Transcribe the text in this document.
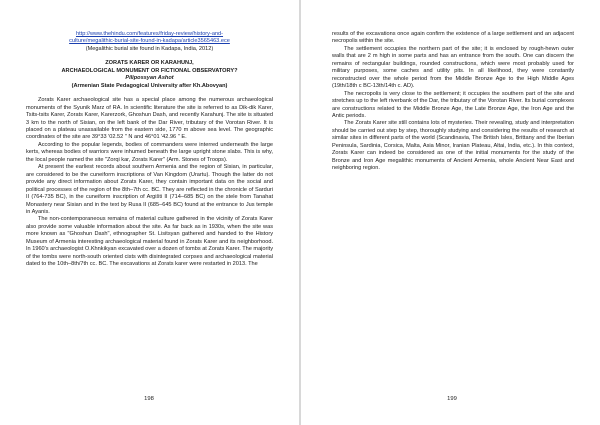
http://www.thehindu.com/features/friday-review/history-and-
culture/megalithic-burial-site-found-in-kadapa/article3565463.ece
(Megalithic burial site found in Kadapa, India, 2012)
ZORATS KARER OR KARAHUNJ,
ARCHAEOLOGICAL MONUMENT OR FICTIONAL OBSERVATORY?
Pilipossyan Ashot
(Armenian State Pedagogical University after Kh.Abovyan)

Zorats Karer archaeological site has a special place among the numerous archaeological monuments of the Syunik Marz of RA. In scientific literature the site is referred to as Dik-dik Karer, Tsits-tsits Karer, Zorats Karer, Karerzork, Ghoshun Dash, and recently Karahunj. The site is situated 3 km to the north of Sisian, on the left bank of the Dar River, tributary of the Vorotan River. It is placed on a plateau unassailable from the eastern side, 1770 m above sea level. The geographic coordinates of the site are 39°33 ′02.52 ′′ N and 46°01 ′42.96 ′′ E.

According to the popular legends, bodies of commanders were interred underneath the large kerts, whereas bodies of warriors were inhumed beneath the large upright stone slabs. This is why, the local people named the site "Zorqi kar, Zorats Karer" (Arm. Stones of Troops).

At present the earliest records about southern Armenia and the region of Sisian, in particular, are considered to be the cuneiform inscriptions of Van Kingdom (Urartu). Though the latter do not provide any direct information about Zorats Karer, they contain important data on the social and political processes of the region of the 8th–7th cc. BC. They are reflected in the chronicle of Sarduri II (764-735 BC), in the cuneiform inscription of Argišti II (714–685 BC) on the stele from Tanahat Monastery near Sisian and in the text by Rusa II (685–645 BC) found at the entrance to Jus temple in Ayanis.

The non-contemporaneous remains of material culture gathered in the vicinity of Zorats Karer also provide some valuable information about the site. As far back as in 1930s, when the site was more known as "Ghoshun Dash", ethnographer St. Lisitsyan gathered and handed to the History Museum of Armenia interesting archaeological material found in Zorats Karer and its neighborhood. In 1960's archaeologist O.Khnkikyan excavated over a dozen of tombs at Zorats Karer. The majority of the tombs were north-south oriented cists with disintegrated corpses and archaeological material dated to the 10th–8th/7th cc. BC. The excavations at Zorats karer were restarted in 2013. The

198

results of the excavations once again confirm the existence of a large settlement and an adjacent necropolis within the site.

The settlement occupies the northern part of the site; it is enclosed by rough-hewn outer walls that are 2 m high in some parts and has an entrance from the south. One can discern the remains of rectangular buildings, rounded constructions, which were most probably used for military purposes, some caches and utility pits. In all likelihood, they were constantly reconstructed over the whole period from the Middle Bronze Age to the High Middle Ages (19th/18th c BC-13th/14th c. AD).

The necropolis is very close to the settlement; it occupies the southern part of the site and stretches up to the left riverbank of the Dar, the tributary of the Vorotan River. Its burial complexes are constructions related to the Middle Bronze Age, the Late Bronze Age, the Iron Age and the Antic periods.

The Zorats Karer site still contains lots of mysteries. Their revealing, study and interpretation should be carried out step by step, thoroughly studying and considering the results of research at similar sites in different parts of the world (Scandinavia, The British Isles, Brittany and the Iberian Peninsula, Sardinia, Corsica, Malta, Asia Minor, Iranian Plateau, Altai, India, etc.). In this context, Zorats Karer can indeed be considered as one of the initial monuments for the study of the Bronze and Iron Age megalithic monuments of Ancient Armenia, whole Ancient Near East and neighboring region.

199
